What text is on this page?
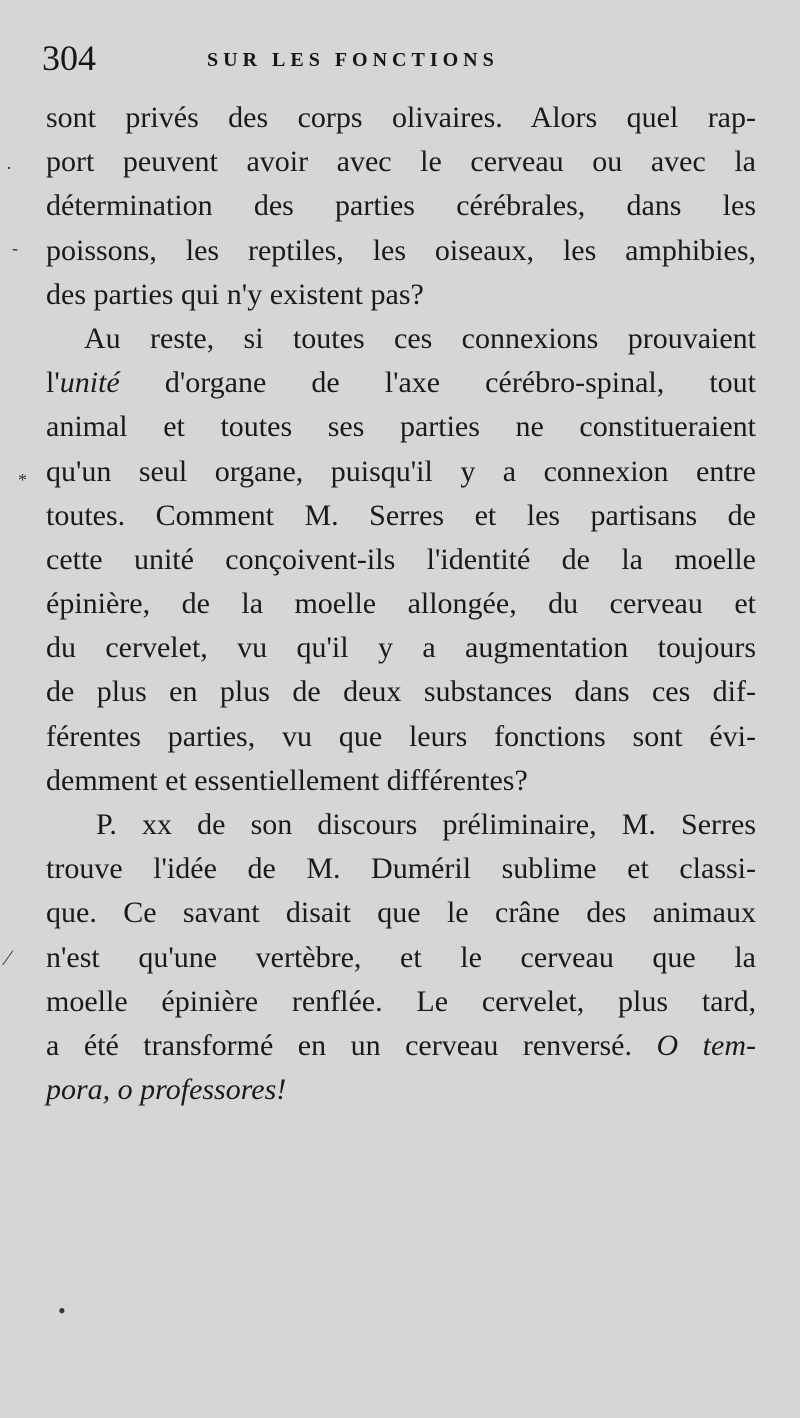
304	SUR LES FONCTIONS
sont privés des corps olivaires. Alors quel rap-
port peuvent avoir avec le cerveau ou avec la
détermination des parties cérébrales, dans les
poissons, les reptiles, les oiseaux, les amphibies,
des parties qui n'y existent pas?
Au reste, si toutes ces connexions prouvaient
l'unité d'organe de l'axe cérébro-spinal, tout
animal et toutes ses parties ne constitueraient
qu'un seul organe, puisqu'il y a connexion entre
toutes. Comment M. Serres et les partisans de
cette unité conçoivent-ils l'identité de la moelle
épinière, de la moelle allongée, du cerveau et
du cervelet, vu qu'il y a augmentation toujours
de plus en plus de deux substances dans ces dif-
férentes parties, vu que leurs fonctions sont évi-
demment et essentiellement différentes?
P. xx de son discours préliminaire, M. Serres
trouve l'idée de M. Duméril sublime et classi-
que. Ce savant disait que le crâne des animaux
n'est qu'une vertèbre, et le cerveau que la
moelle épinière renflée. Le cervelet, plus tard,
a été transformé en un cerveau renversé. O tem-
pora, o professores!
·
-
*
⁄
•
